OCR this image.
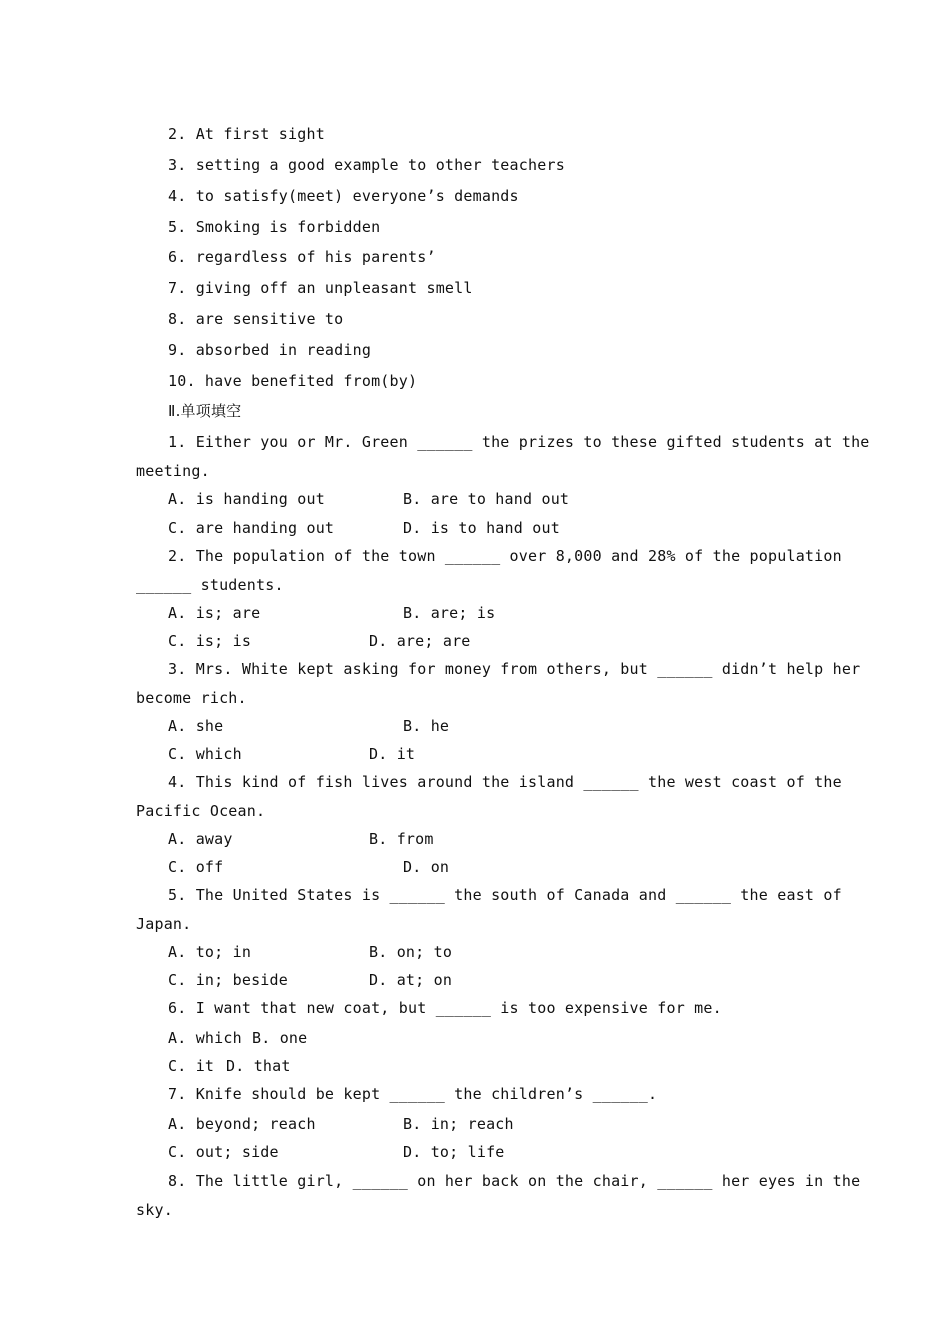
2. At first sight
3. setting a good example to other teachers
4. to satisfy(meet) everyone’s demands
5. Smoking is forbidden
6. regardless of his parents’
7. giving off an unpleasant smell
8. are sensitive to
9. absorbed in reading
10. have benefited from(by)
Ⅱ.单项填空
1. Either you or Mr. Green ______ the prizes to these gifted students at the
meeting.
A. is handing out	B. are to hand out
C. are handing out	D. is to hand out
2. The population of the town ______ over 8,000 and 28% of the population
______ students.
A. is; are	B. are; is
C. is; is	D. are; are
3. Mrs. White kept asking for money from others, but ______ didn’t help her
become rich.
A. she	B. he
C. which	D. it
4. This kind of fish lives around the island ______ the west coast of the
Pacific Ocean.
A. away	B. from
C. off	D. on
5. The United States is ______ the south of Canada and ______ the east of
Japan.
A. to; in	B. on; to
C. in; beside	D. at; on
6. I want that new coat, but ______ is too expensive for me.
A. which B. one
C. it D. that
7. Knife should be kept ______ the children’s ______.
A. beyond; reach	B. in; reach
C. out; side	D. to; life
8. The little girl, ______ on her back on the chair, ______ her eyes in the
sky.
